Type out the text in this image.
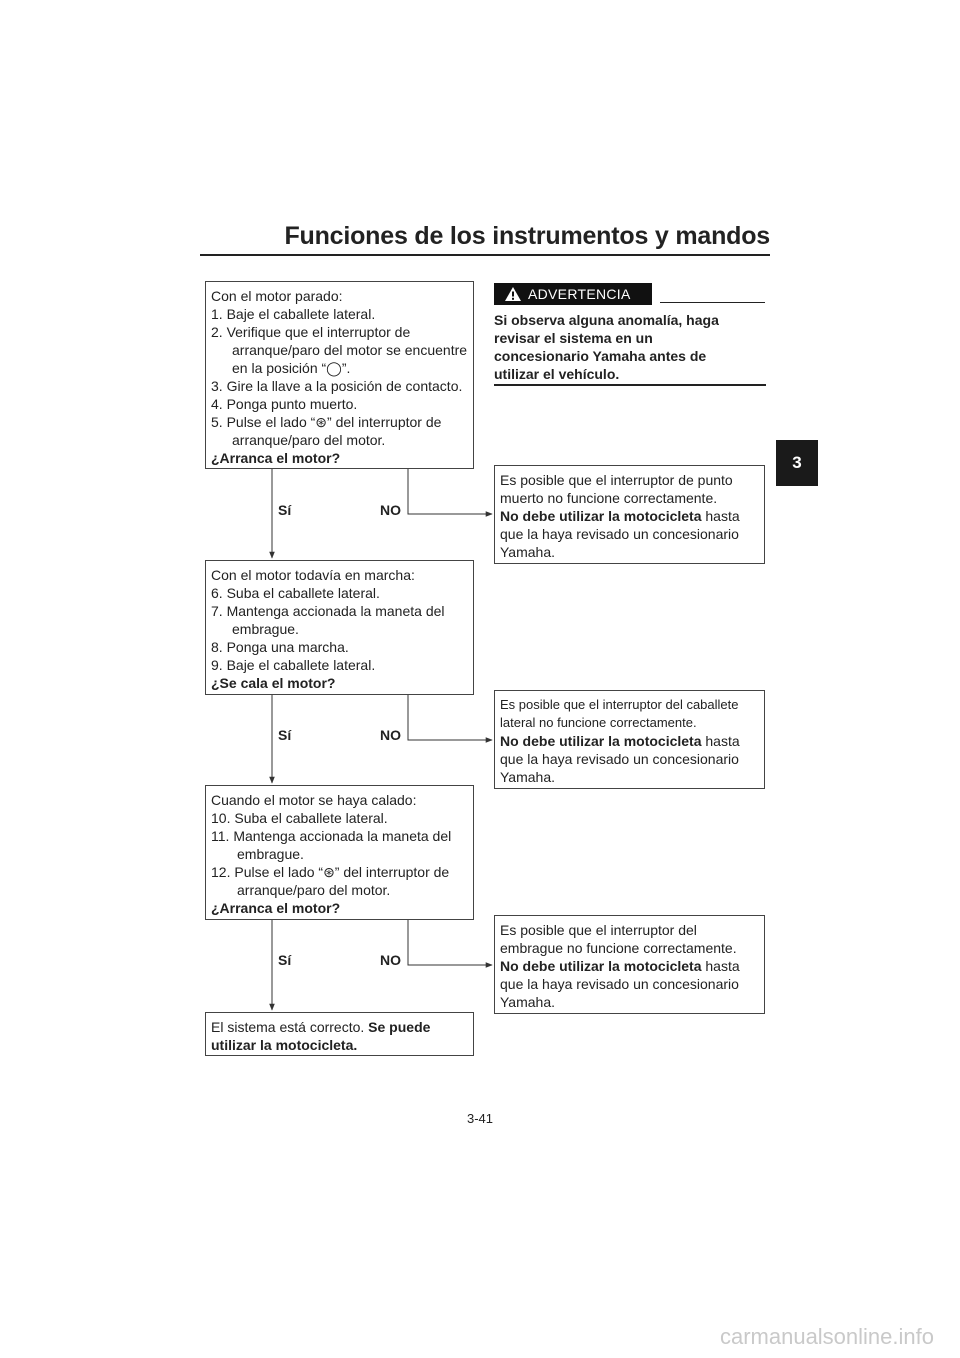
Funciones de los instrumentos y mandos
3
Con el motor parado:
1. Baje el caballete lateral.
2. Verifique que el interruptor de
arranque/paro del motor se encuentre
en la posición “◯”.
3. Gire la llave a la posición de contacto.
4. Ponga punto muerto.
5. Pulse el lado “⊛” del interruptor de
arranque/paro del motor.
¿Arranca el motor?
Con el motor todavía en marcha:
6. Suba el caballete lateral.
7. Mantenga accionada la maneta del
embrague.
8. Ponga una marcha.
9. Baje el caballete lateral.
¿Se cala el motor?
Cuando el motor se haya calado:
10. Suba el caballete lateral.
11. Mantenga accionada la maneta del
embrague.
12. Pulse el lado “⊛” del interruptor de
arranque/paro del motor.
¿Arranca el motor?
El sistema está correcto. Se puede
utilizar la motocicleta.
Sí	NO
Sí	NO
Sí	NO
Es posible que el interruptor de punto
muerto no funcione correctamente.
No debe utilizar la motocicleta hasta
que la haya revisado un concesionario
Yamaha.
Es posible que el interruptor del caballete
lateral no funcione correctamente.
No debe utilizar la motocicleta hasta
que la haya revisado un concesionario
Yamaha.
Es posible que el interruptor del
embrague no funcione correctamente.
No debe utilizar la motocicleta hasta
que la haya revisado un concesionario
Yamaha.
ADVERTENCIA
Si observa alguna anomalía, haga
revisar el sistema en un
concesionario Yamaha antes de
utilizar el vehículo.
3-41
carmanualsonline.info
